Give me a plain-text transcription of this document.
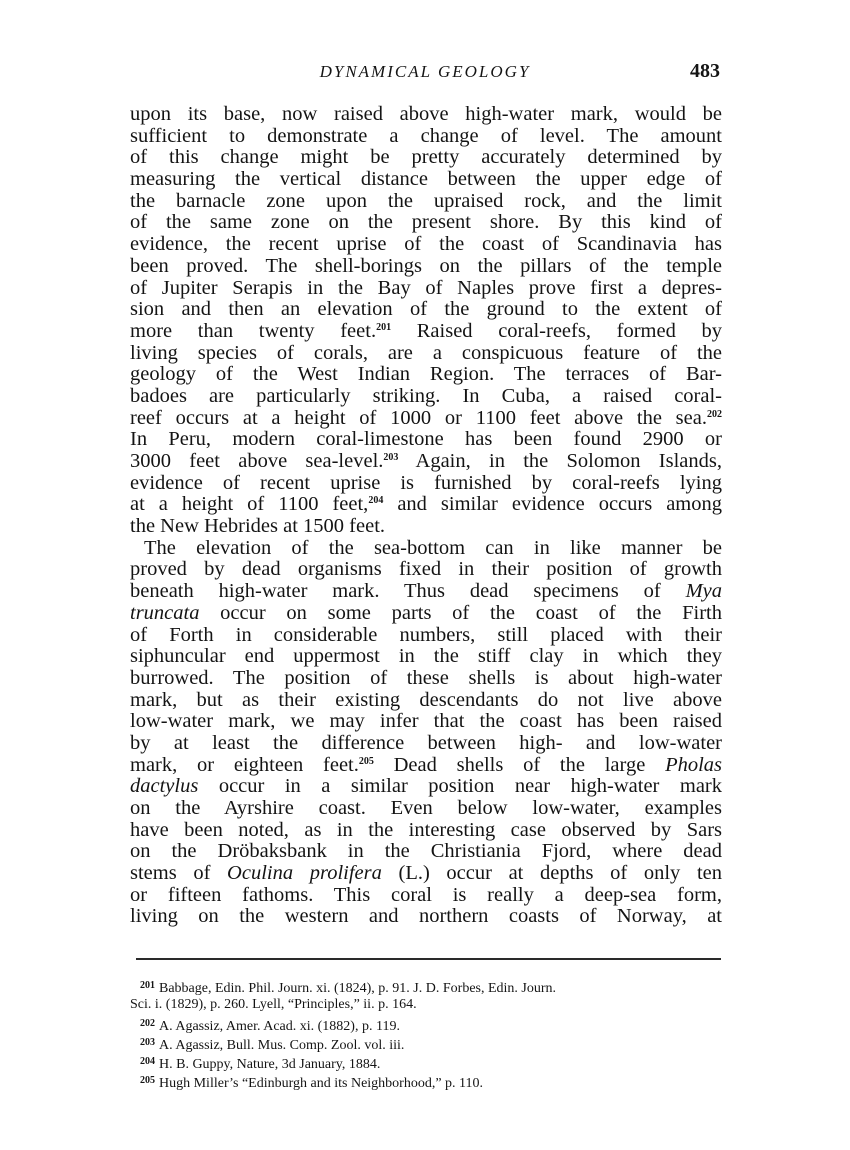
DYNAMICAL GEOLOGY	483
upon its base, now raised above high-water mark, would be
sufficient to demonstrate a change of level. The amount
of this change might be pretty accurately determined by
measuring the vertical distance between the upper edge of
the barnacle zone upon the upraised rock, and the limit
of the same zone on the present shore. By this kind of
evidence, the recent uprise of the coast of Scandinavia has
been proved. The shell-borings on the pillars of the temple
of Jupiter Serapis in the Bay of Naples prove first a depres-
sion and then an elevation of the ground to the extent of
more than twenty feet.$^{201}$ Raised coral-reefs, formed by
living species of corals, are a conspicuous feature of the
geology of the West Indian Region. The terraces of Bar-
badoes are particularly striking. In Cuba, a raised coral-
reef occurs at a height of 1000 or 1100 feet above the sea.$^{202}$
In Peru, modern coral-limestone has been found 2900 or
3000 feet above sea-level.$^{203}$ Again, in the Solomon Islands,
evidence of recent uprise is furnished by coral-reefs lying
at a height of 1100 feet,$^{204}$ and similar evidence occurs among
the New Hebrides at 1500 feet.
The elevation of the sea-bottom can in like manner be
proved by dead organisms fixed in their position of growth
beneath high-water mark. Thus dead specimens of Mya
truncata occur on some parts of the coast of the Firth
of Forth in considerable numbers, still placed with their
siphuncular end uppermost in the stiff clay in which they
burrowed. The position of these shells is about high-water
mark, but as their existing descendants do not live above
low-water mark, we may infer that the coast has been raised
by at least the difference between high- and low-water
mark, or eighteen feet.$^{205}$ Dead shells of the large Pholas
dactylus occur in a similar position near high-water mark
on the Ayrshire coast. Even below low-water, examples
have been noted, as in the interesting case observed by Sars
on the Dröbaksbank in the Christiania Fjord, where dead
stems of Oculina prolifera (L.) occur at depths of only ten
or fifteen fathoms. This coral is really a deep-sea form,
living on the western and northern coasts of Norway, at
$^{201}$ Babbage, Edin. Phil. Journ. xi. (1824), p. 91. J. D. Forbes, Edin. Journ.
Sci. i. (1829), p. 260. Lyell, “Principles,” ii. p. 164.
$^{202}$ A. Agassiz, Amer. Acad. xi. (1882), p. 119.
$^{203}$ A. Agassiz, Bull. Mus. Comp. Zool. vol. iii.
$^{204}$ H. B. Guppy, Nature, 3d January, 1884.
$^{205}$ Hugh Miller’s “Edinburgh and its Neighborhood,” p. 110.
